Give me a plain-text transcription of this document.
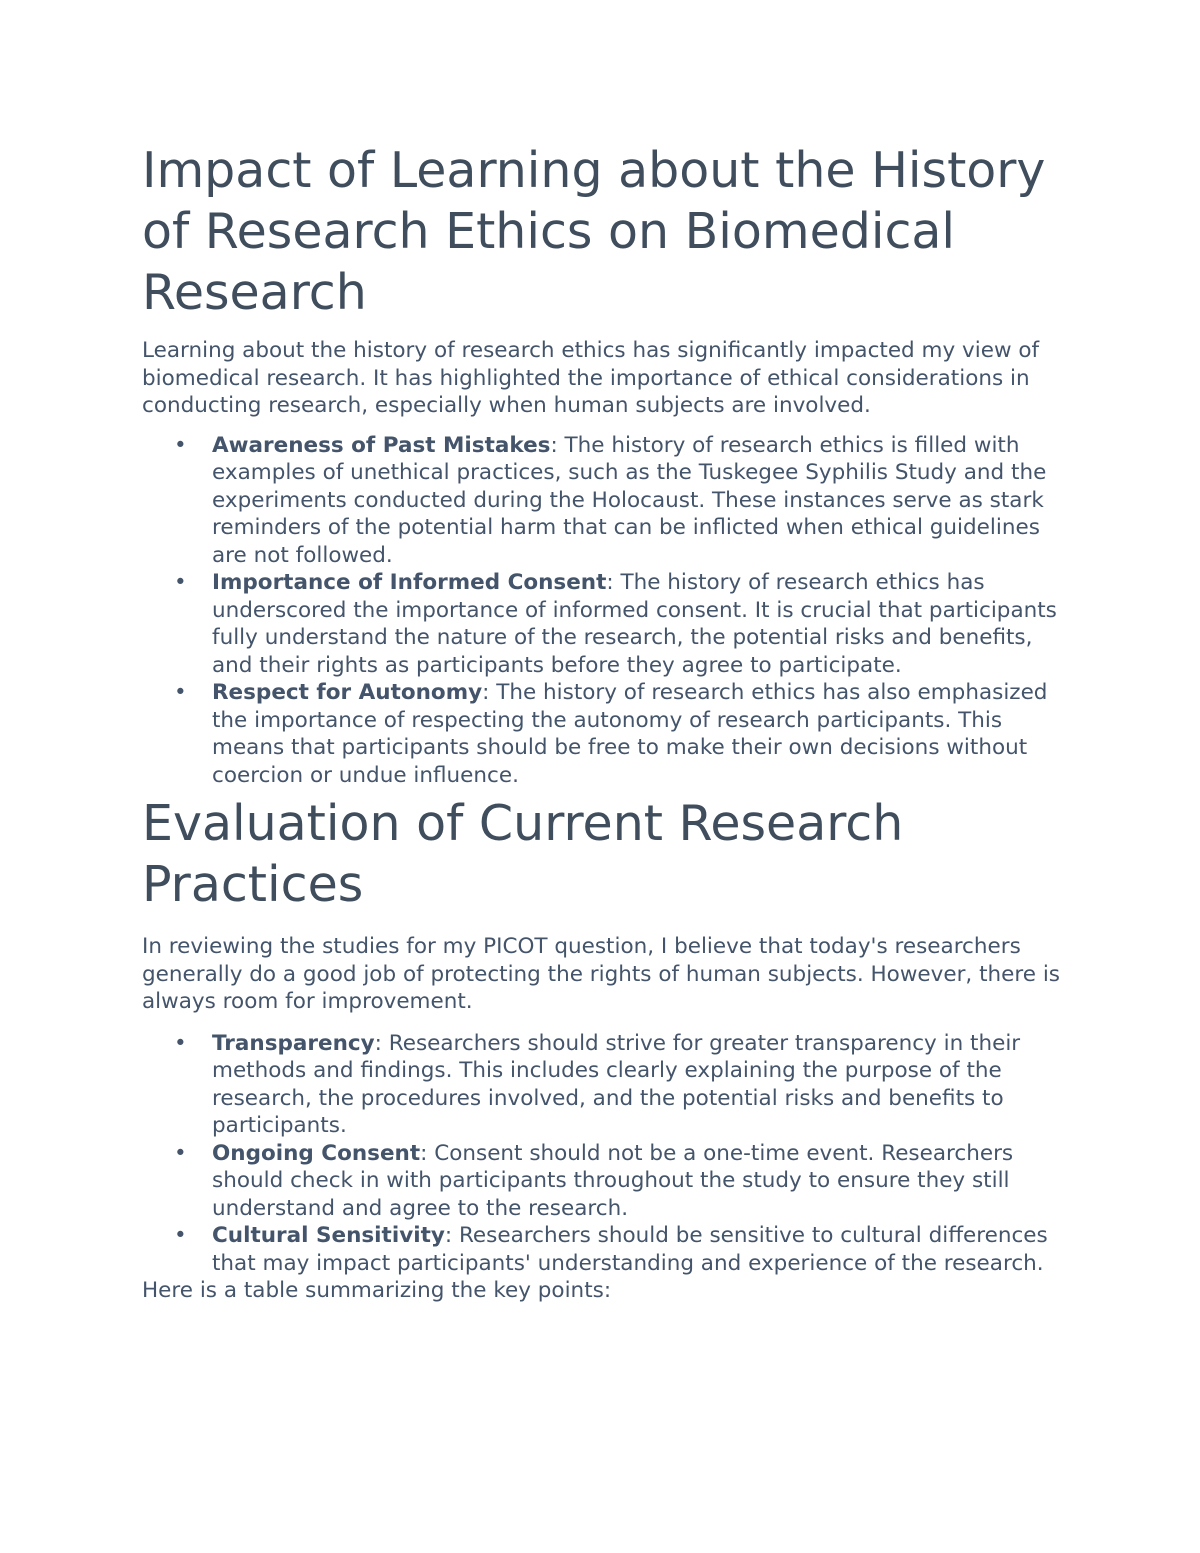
Impact of Learning about the History of Research Ethics on Biomedical Research

Learning about the history of research ethics has significantly impacted my view of biomedical research. It has highlighted the importance of ethical considerations in conducting research, especially when human subjects are involved.

• Awareness of Past Mistakes: The history of research ethics is filled with examples of unethical practices, such as the Tuskegee Syphilis Study and the experiments conducted during the Holocaust. These instances serve as stark reminders of the potential harm that can be inflicted when ethical guidelines are not followed.
• Importance of Informed Consent: The history of research ethics has underscored the importance of informed consent. It is crucial that participants fully understand the nature of the research, the potential risks and benefits, and their rights as participants before they agree to participate.
• Respect for Autonomy: The history of research ethics has also emphasized the importance of respecting the autonomy of research participants. This means that participants should be free to make their own decisions without coercion or undue influence.
Evaluation of Current Research Practices

In reviewing the studies for my PICOT question, I believe that today's researchers generally do a good job of protecting the rights of human subjects. However, there is always room for improvement.

• Transparency: Researchers should strive for greater transparency in their methods and findings. This includes clearly explaining the purpose of the research, the procedures involved, and the potential risks and benefits to participants.
• Ongoing Consent: Consent should not be a one-time event. Researchers should check in with participants throughout the study to ensure they still understand and agree to the research.
• Cultural Sensitivity: Researchers should be sensitive to cultural differences that may impact participants' understanding and experience of the research.

Here is a table summarizing the key points:
